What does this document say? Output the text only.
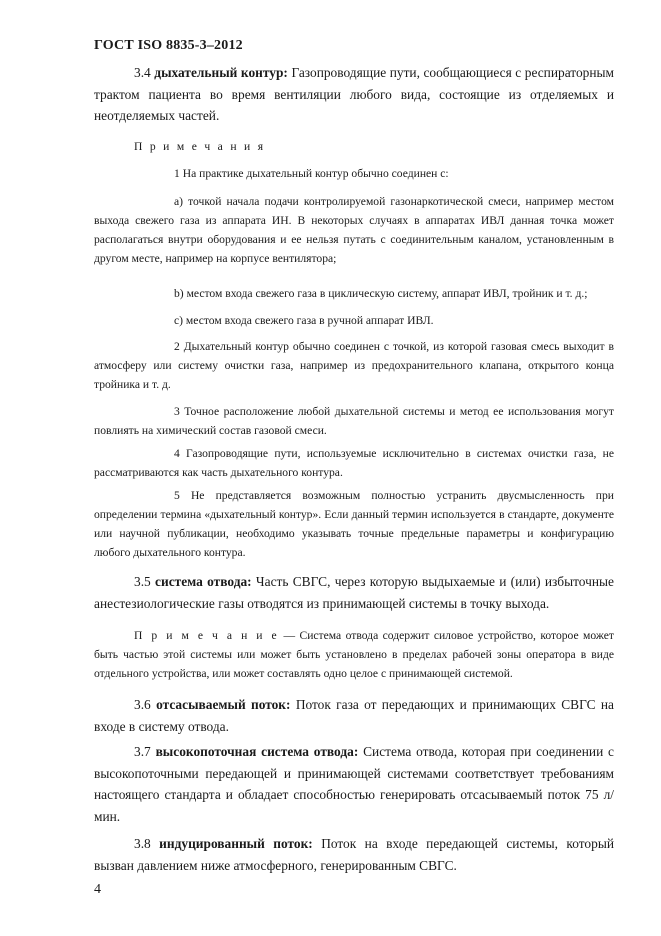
ГОСТ ISO 8835-3–2012

3.4 дыхательный контур: Газопроводящие пути, сообщающиеся с респираторным трактом пациента во время вентиляции любого вида, состоящие из отделяемых и неотделяемых частей.

П р и м е ч а н и я

1 На практике дыхательный контур обычно соединен с:

а) точкой начала подачи контролируемой газонаркотической смеси, например местом выхода свежего газа из аппарата ИН. В некоторых случаях в аппаратах ИВЛ данная точка может располагаться внутри оборудования и ее нельзя путать с соединительным каналом, установленным в другом месте, например на корпусе вентилятора;

b) местом входа свежего газа в циклическую систему, аппарат ИВЛ, тройник и т. д.;

с) местом входа свежего газа в ручной аппарат ИВЛ.

2 Дыхательный контур обычно соединен с точкой, из которой газовая смесь выходит в атмосферу или систему очистки газа, например из предохранительного клапана, открытого конца тройника и т. д.

3 Точное расположение любой дыхательной системы и метод ее использования могут повлиять на химический состав газовой смеси.

4 Газопроводящие пути, используемые исключительно в системах очистки газа, не рассматриваются как часть дыхательного контура.

5 Не представляется возможным полностью устранить двусмысленность при определении термина «дыхательный контур». Если данный термин используется в стандарте, документе или научной публикации, необходимо указывать точные предельные параметры и конфигурацию любого дыхательного контура.

3.5 система отвода: Часть СВГС, через которую выдыхаемые и (или) избыточные анестезиологические газы отводятся из принимающей системы в точку выхода.

П р и м е ч а н и е — Система отвода содержит силовое устройство, которое может быть частью этой системы или может быть установлено в пределах рабочей зоны оператора в виде отдельного устройства, или может составлять одно целое с принимающей системой.

3.6 отсасываемый поток: Поток газа от передающих и принимающих СВГС на входе в систему отвода.

3.7 высокопоточная система отвода: Система отвода, которая при соединении с высокопоточными передающей и принимающей системами соответствует требованиям настоящего стандарта и обладает способностью генерировать отсасываемый поток 75 л/мин.

3.8 индуцированный поток: Поток на входе передающей системы, который вызван давлением ниже атмосферного, генерированным СВГС.

4
